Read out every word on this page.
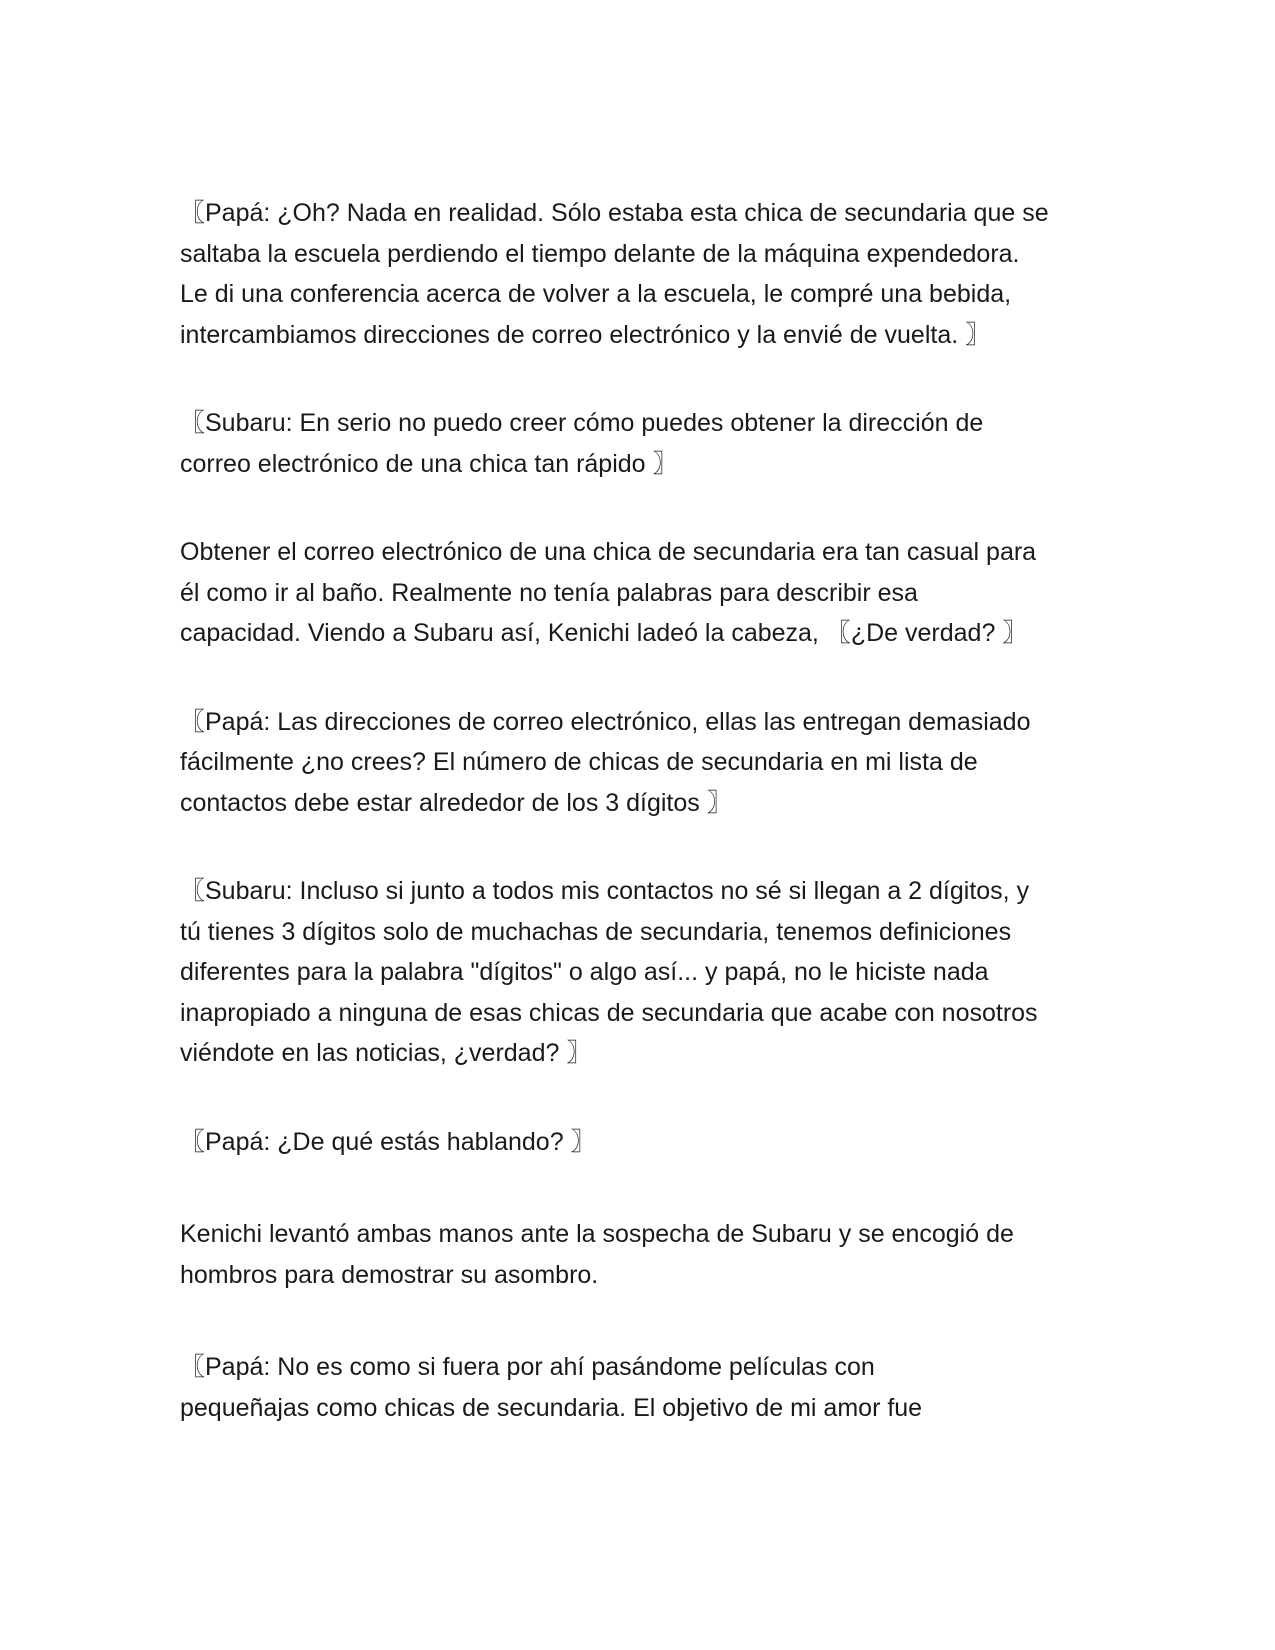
〖Papá: ¿Oh? Nada en realidad. Sólo estaba esta chica de secundaria que se
saltaba la escuela perdiendo el tiempo delante de la máquina expendedora.
Le di una conferencia acerca de volver a la escuela, le compré una bebida,
intercambiamos direcciones de correo electrónico y la envié de vuelta. 〗

〖Subaru: En serio no puedo creer cómo puedes obtener la dirección de
correo electrónico de una chica tan rápido 〗

Obtener el correo electrónico de una chica de secundaria era tan casual para
él como ir al baño. Realmente no tenía palabras para describir esa
capacidad. Viendo a Subaru así, Kenichi ladeó la cabeza, 〖¿De verdad? 〗

〖Papá: Las direcciones de correo electrónico, ellas las entregan demasiado
fácilmente ¿no crees? El número de chicas de secundaria en mi lista de
contactos debe estar alrededor de los 3 dígitos 〗

〖Subaru: Incluso si junto a todos mis contactos no sé si llegan a 2 dígitos, y
tú tienes 3 dígitos solo de muchachas de secundaria, tenemos definiciones
diferentes para la palabra "dígitos" o algo así... y papá, no le hiciste nada
inapropiado a ninguna de esas chicas de secundaria que acabe con nosotros
viéndote en las noticias, ¿verdad? 〗

〖Papá: ¿De qué estás hablando? 〗

Kenichi levantó ambas manos ante la sospecha de Subaru y se encogió de
hombros para demostrar su asombro.

〖Papá: No es como si fuera por ahí pasándome películas con
pequeñajas como chicas de secundaria. El objetivo de mi amor fue
